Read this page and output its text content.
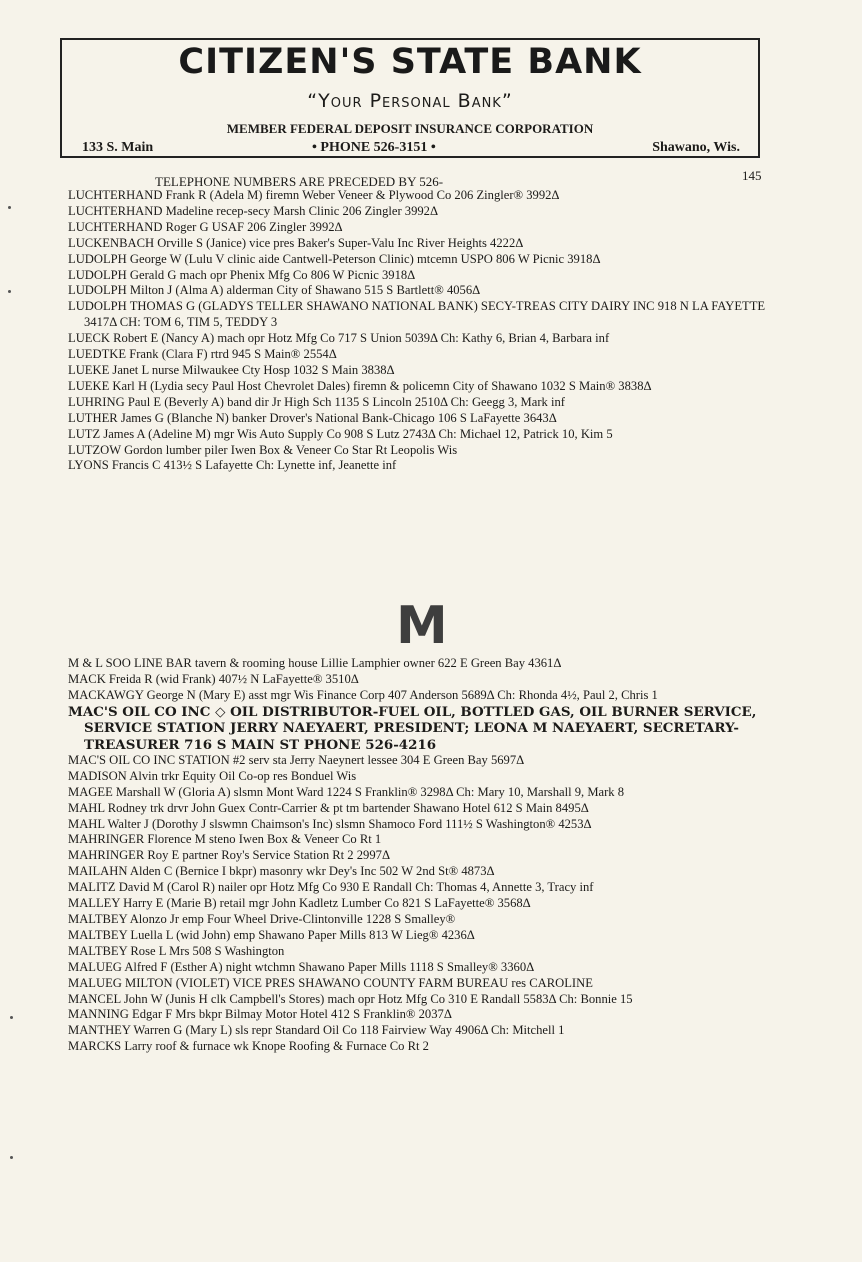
CITIZEN'S STATE BANK
“Your Personal Bank”
MEMBER FEDERAL DEPOSIT INSURANCE CORPORATION
133 S. Main	• PHONE 526-3151 •	Shawano, Wis.
TELEPHONE NUMBERS ARE PRECEDED BY 526-	145
LUCHTERHAND Frank R (Adela M) firemn Weber Veneer & Plywood Co 206 Zingler® 3992Δ
LUCHTERHAND Madeline recep-secy Marsh Clinic 206 Zingler 3992Δ
LUCHTERHAND Roger G USAF 206 Zingler 3992Δ
LUCKENBACH Orville S (Janice) vice pres Baker's Super-Valu Inc River Heights 4222Δ
LUDOLPH George W (Lulu V clinic aide Cantwell-Peterson Clinic) mtcemn USPO 806 W Picnic 3918Δ
LUDOLPH Gerald G mach opr Phenix Mfg Co 806 W Picnic 3918Δ
LUDOLPH Milton J (Alma A) alderman City of Shawano 515 S Bartlett® 4056Δ
LUDOLPH THOMAS G (GLADYS TELLER SHAWANO NATIONAL BANK) SECY-TREAS CITY DAIRY INC 918 N LA FAYETTE 3417Δ CH: TOM 6, TIM 5, TEDDY 3
LUECK Robert E (Nancy A) mach opr Hotz Mfg Co 717 S Union 5039Δ Ch: Kathy 6, Brian 4, Barbara inf
LUEDTKE Frank (Clara F) rtrd 945 S Main® 2554Δ
LUEKE Janet L nurse Milwaukee Cty Hosp 1032 S Main 3838Δ
LUEKE Karl H (Lydia secy Paul Host Chevrolet Dales) firemn & policemn City of Shawano 1032 S Main® 3838Δ
LUHRING Paul E (Beverly A) band dir Jr High Sch 1135 S Lincoln 2510Δ Ch: Geegg 3, Mark inf
LUTHER James G (Blanche N) banker Drover's National Bank-Chicago 106 S LaFayette 3643Δ
LUTZ James A (Adeline M) mgr Wis Auto Supply Co 908 S Lutz 2743Δ Ch: Michael 12, Patrick 10, Kim 5
LUTZOW Gordon lumber piler Iwen Box & Veneer Co Star Rt Leopolis Wis
LYONS Francis C 413½ S Lafayette Ch: Lynette inf, Jeanette inf
M
M & L SOO LINE BAR tavern & rooming house Lillie Lamphier owner 622 E Green Bay 4361Δ
MACK Freida R (wid Frank) 407½ N LaFayette® 3510Δ
MACKAWGY George N (Mary E) asst mgr Wis Finance Corp 407 Anderson 5689Δ Ch: Rhonda 4½, Paul 2, Chris 1
MAC'S OIL CO INC ◇ OIL DISTRIBUTOR-FUEL OIL, BOTTLED GAS, OIL BURNER SERVICE, SERVICE STATION JERRY NAEYAERT, PRESIDENT; LEONA M NAEYAERT, SECRETARY-TREASURER 716 S MAIN ST PHONE 526-4216
MAC'S OIL CO INC STATION #2 serv sta Jerry Naeynert lessee 304 E Green Bay 5697Δ
MADISON Alvin trkr Equity Oil Co-op res Bonduel Wis
MAGEE Marshall W (Gloria A) slsmn Mont Ward 1224 S Franklin® 3298Δ Ch: Mary 10, Marshall 9, Mark 8
MAHL Rodney trk drvr John Guex Contr-Carrier & pt tm bartender Shawano Hotel 612 S Main 8495Δ
MAHL Walter J (Dorothy J slswmn Chaimson's Inc) slsmn Shamoco Ford 111½ S Washington® 4253Δ
MAHRINGER Florence M steno Iwen Box & Veneer Co Rt 1
MAHRINGER Roy E partner Roy's Service Station Rt 2 2997Δ
MAILAHN Alden C (Bernice I bkpr) masonry wkr Dey's Inc 502 W 2nd St® 4873Δ
MALITZ David M (Carol R) nailer opr Hotz Mfg Co 930 E Randall Ch: Thomas 4, Annette 3, Tracy inf
MALLEY Harry E (Marie B) retail mgr John Kadletz Lumber Co 821 S LaFayette® 3568Δ
MALTBEY Alonzo Jr emp Four Wheel Drive-Clintonville 1228 S Smalley®
MALTBEY Luella L (wid John) emp Shawano Paper Mills 813 W Lieg® 4236Δ
MALTBEY Rose L Mrs 508 S Washington
MALUEG Alfred F (Esther A) night wtchmn Shawano Paper Mills 1118 S Smalley® 3360Δ
MALUEG MILTON (VIOLET) VICE PRES SHAWANO COUNTY FARM BUREAU res CAROLINE
MANCEL John W (Junis H clk Campbell's Stores) mach opr Hotz Mfg Co 310 E Randall 5583Δ Ch: Bonnie 15
MANNING Edgar F Mrs bkpr Bilmay Motor Hotel 412 S Franklin® 2037Δ
MANTHEY Warren G (Mary L) sls repr Standard Oil Co 118 Fairview Way 4906Δ Ch: Mitchell 1
MARCKS Larry roof & furnace wk Knope Roofing & Furnace Co Rt 2
